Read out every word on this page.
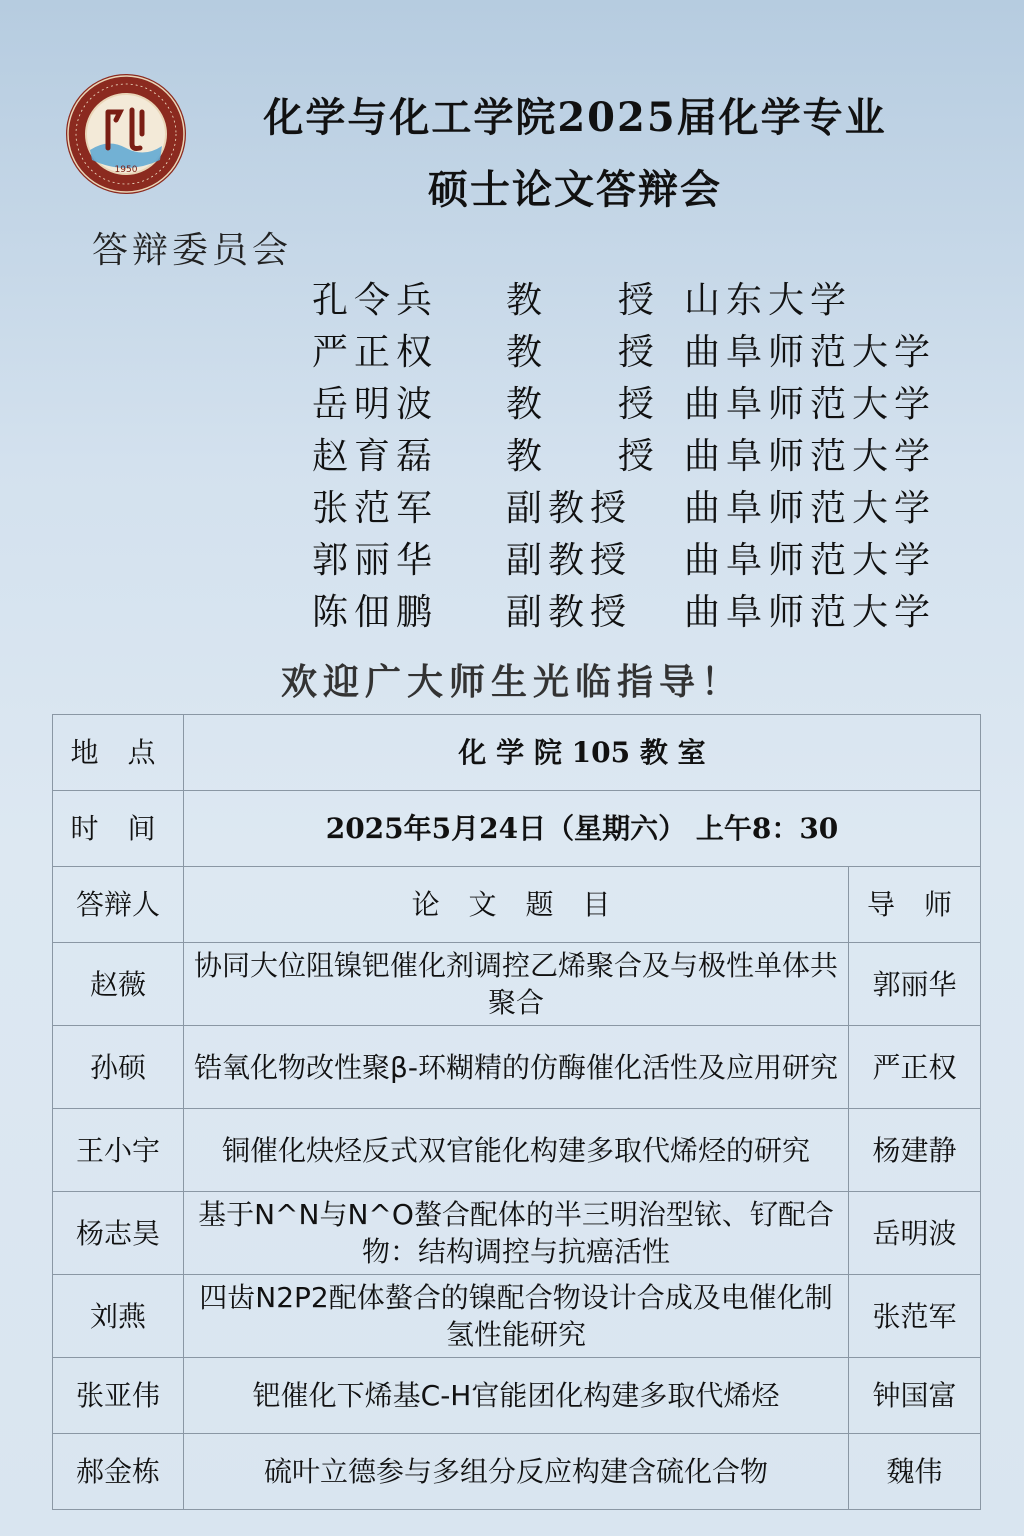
1950
化学与化工学院2025届化学专业
硕士论文答辩会
答辩委员会
孔令兵 教    授 山东大学
严正权 教    授 曲阜师范大学
岳明波 教    授 曲阜师范大学
赵育磊 教    授 曲阜师范大学
张范军 副教授 曲阜师范大学
郭丽华 副教授 曲阜师范大学
陈佃鹏 副教授 曲阜师范大学
欢迎广大师生光临指导！
地 点	化 学 院 105 教 室	
时 间	2025年5月24日（星期六） 上午8：30	
答辩人	论 文 题 目	导 师
赵薇	协同大位阻镍钯催化剂调控乙烯聚合及与极性单体共聚合	郭丽华
孙硕	锆氧化物改性聚β-环糊精的仿酶催化活性及应用研究	严正权
王小宇	铜催化炔烃反式双官能化构建多取代烯烃的研究	杨建静
杨志昊	基于N^N与N^O螯合配体的半三明治型铱、钌配合物：结构调控与抗癌活性	岳明波
刘燕	四齿N2P2配体螯合的镍配合物设计合成及电催化制氢性能研究	张范军
张亚伟	钯催化下烯基C-H官能团化构建多取代烯烃	钟国富
郝金栋	硫叶立德参与多组分反应构建含硫化合物	魏伟
